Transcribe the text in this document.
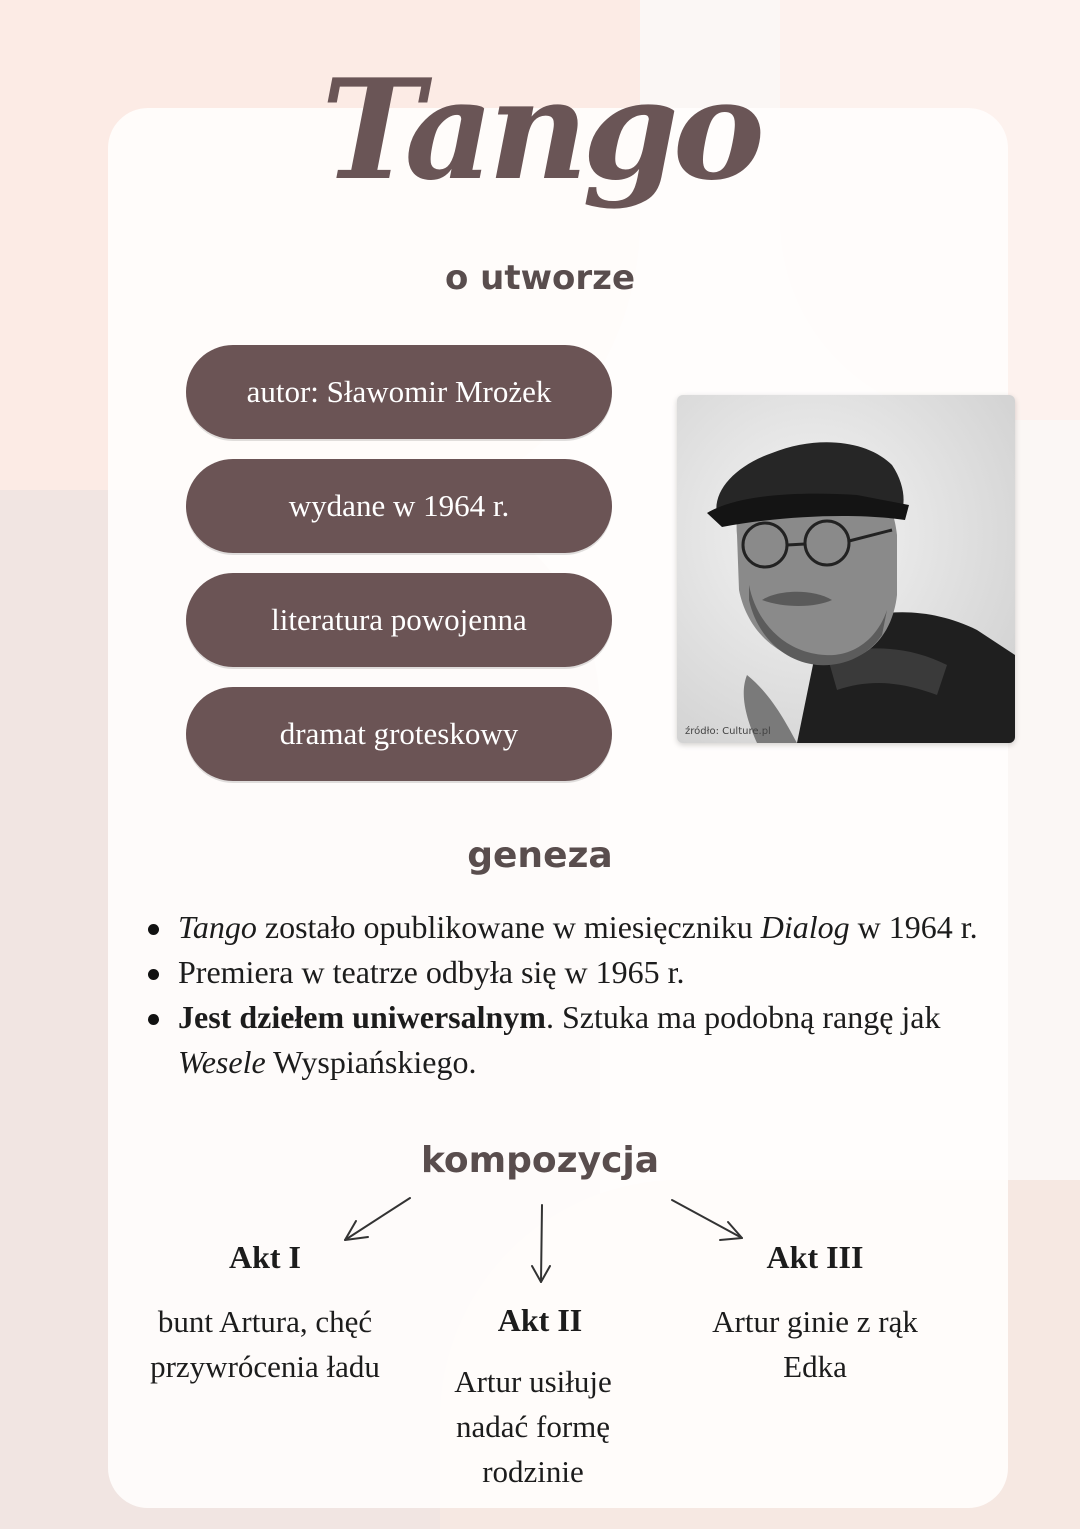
Tango
o utworze
autor: Sławomir Mrożek
wydane w 1964 r.
literatura powojenna
dramat groteskowy	źródło: Culture.pl
geneza
Tango zostało opublikowane w miesięczniku Dialog w 1964 r.
Premiera w teatrze odbyła się w 1965 r.
Jest dziełem uniwersalnym. Sztuka ma podobną rangę jak Wesele Wyspiańskiego.
kompozycja
Akt I
bunt Artura, chęć przywrócenia ładu
Akt II
Artur usiłuje nadać formę rodzinie
Akt III
Artur ginie z rąk Edka
